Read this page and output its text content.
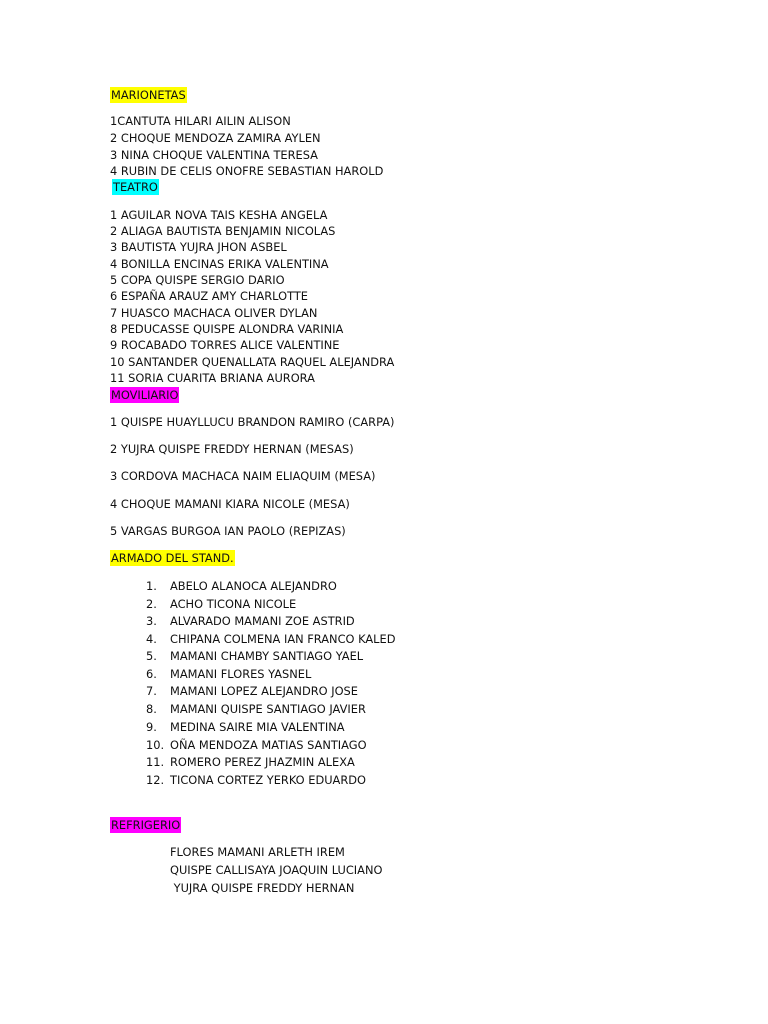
MARIONETAS
1CANTUTA HILARI AILIN ALISON
2 CHOQUE MENDOZA ZAMIRA AYLEN
3 NINA CHOQUE VALENTINA TERESA
4 RUBIN DE CELIS ONOFRE SEBASTIAN HAROLD
TEATRO
1 AGUILAR NOVA TAIS KESHA ANGELA
2 ALIAGA BAUTISTA BENJAMIN NICOLAS
3 BAUTISTA YUJRA JHON ASBEL
4 BONILLA ENCINAS ERIKA VALENTINA
5 COPA QUISPE SERGIO DARIO
6 ESPAÑA ARAUZ AMY CHARLOTTE
7 HUASCO MACHACA OLIVER DYLAN
8 PEDUCASSE QUISPE ALONDRA VARINIA
9 ROCABADO TORRES ALICE VALENTINE
10 SANTANDER QUENALLATA RAQUEL ALEJANDRA
11 SORIA CUARITA BRIANA AURORA
MOVILIARIO
1 QUISPE HUAYLLUCU BRANDON RAMIRO (CARPA)
2 YUJRA QUISPE FREDDY HERNAN (MESAS)
3 CORDOVA MACHACA NAIM ELIAQUIM (MESA)
4 CHOQUE MAMANI KIARA NICOLE (MESA)
5 VARGAS BURGOA IAN PAOLO (REPIZAS)
ARMADO DEL STAND.
1.	ABELO ALANOCA ALEJANDRO
2.	ACHO TICONA NICOLE
3.	ALVARADO MAMANI ZOE ASTRID
4.	CHIPANA COLMENA IAN FRANCO KALED
5.	MAMANI CHAMBY SANTIAGO YAEL
6.	MAMANI FLORES YASNEL
7.	MAMANI LOPEZ ALEJANDRO JOSE
8.	MAMANI QUISPE SANTIAGO JAVIER
9.	MEDINA SAIRE MIA VALENTINA
10. OÑA MENDOZA MATIAS SANTIAGO
11. ROMERO PEREZ JHAZMIN ALEXA
12. TICONA CORTEZ YERKO EDUARDO
REFRIGERIO
FLORES MAMANI ARLETH IREM
QUISPE CALLISAYA JOAQUIN LUCIANO
YUJRA QUISPE FREDDY HERNAN
